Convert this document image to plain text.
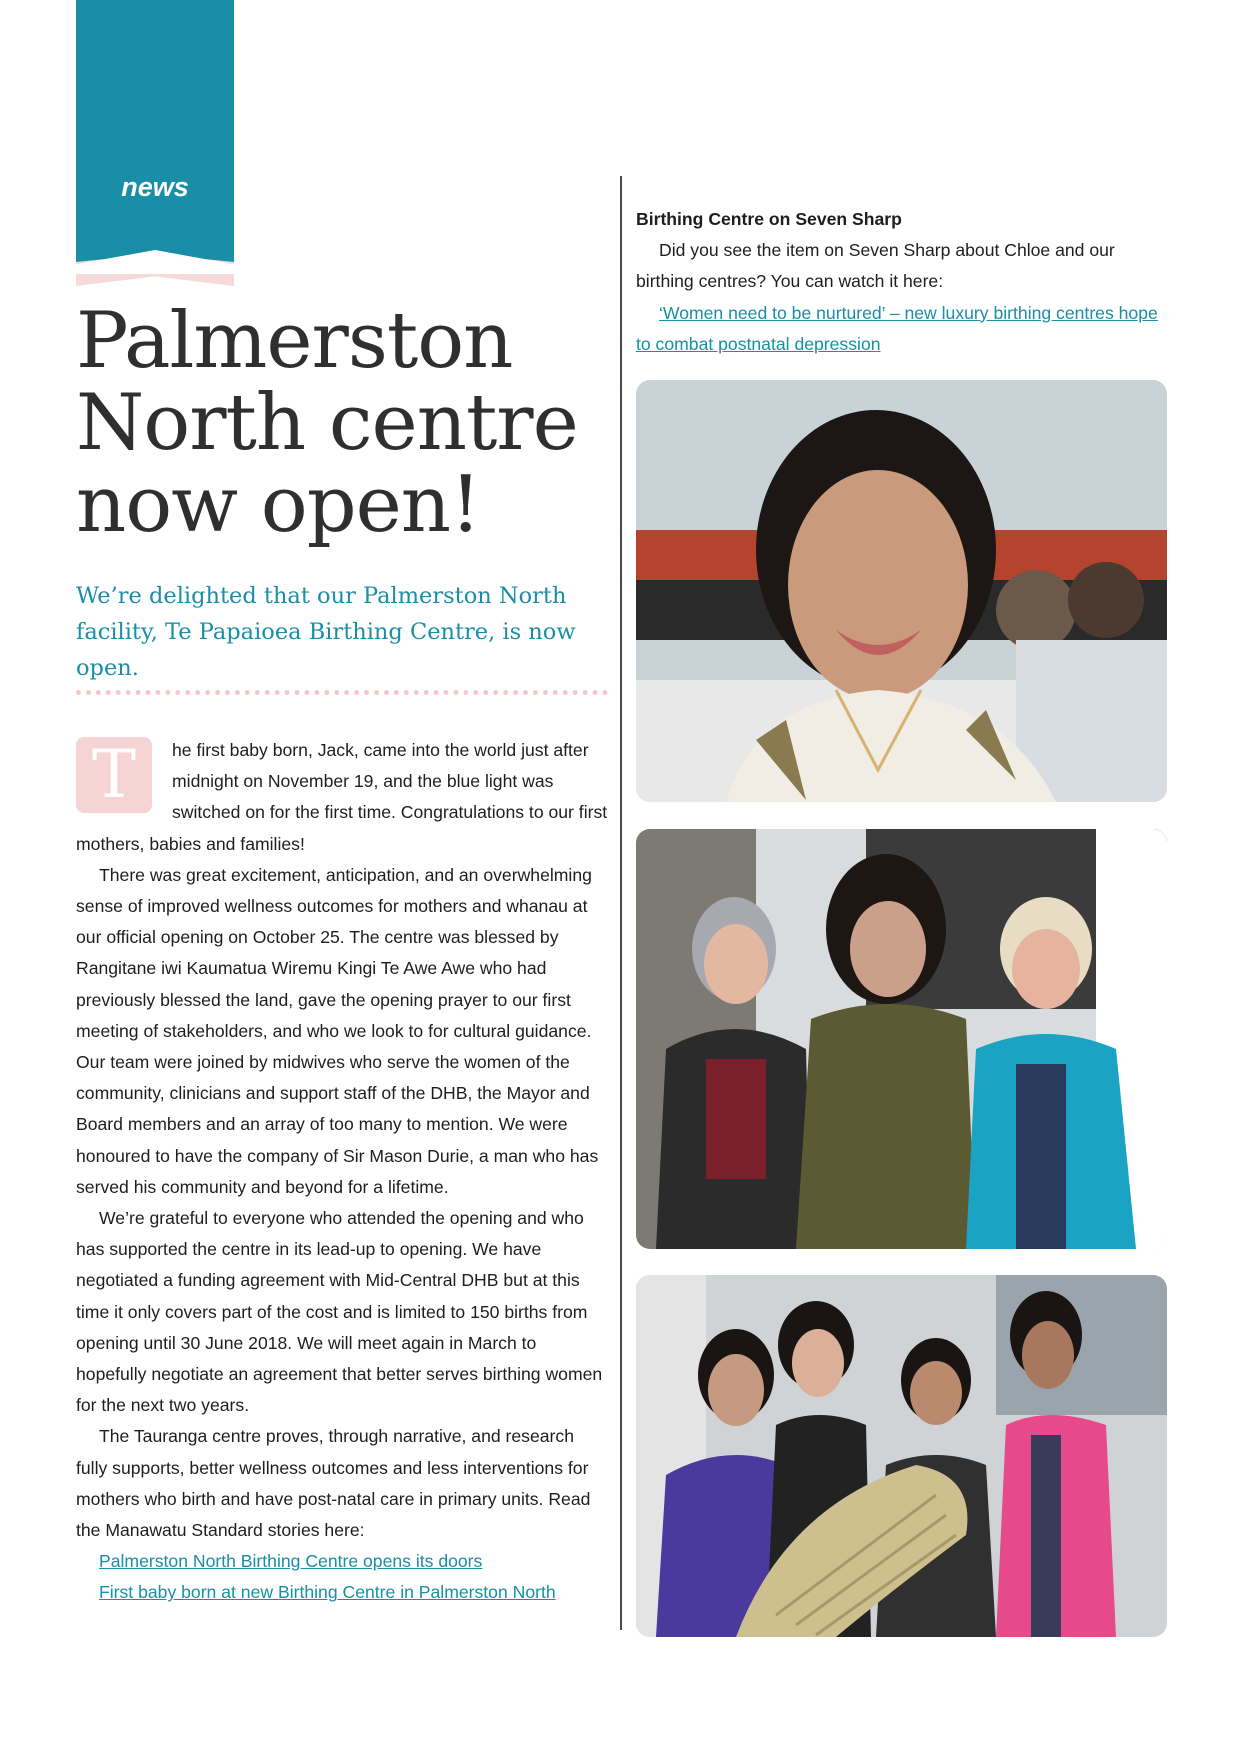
news
Palmerston
North centre
now open!

We’re delighted that our Palmerston North facility, Te Papaioea Birthing Centre, is now open.

T	he first baby born, Jack, came into the world just after midnight on November 19, and the blue light was switched on for the first time. Congratulations to our first mothers, babies and families!

There was great excitement, anticipation, and an overwhelming sense of improved wellness outcomes for mothers and whanau at our official opening on October 25. The centre was blessed by Rangitane iwi Kaumatua Wiremu Kingi Te Awe Awe who had previously blessed the land, gave the opening prayer to our first meeting of stakeholders, and who we look to for cultural guidance. Our team were joined by midwives who serve the women of the community, clinicians and support staff of the DHB, the Mayor and Board members and an array of too many to mention. We were honoured to have the company of Sir Mason Durie, a man who has served his community and beyond for a lifetime.

We’re grateful to everyone who attended the opening and who has supported the centre in its lead-up to opening. We have negotiated a funding agreement with Mid-Central DHB but at this time it only covers part of the cost and is limited to 150 births from opening until 30 June 2018. We will meet again in March to hopefully negotiate an agreement that better serves birthing women for the next two years.

The Tauranga centre proves, through narrative, and research fully supports, better wellness outcomes and less interventions for mothers who birth and have post-natal care in primary units. Read the Manawatu Standard stories here:

Palmerston North Birthing Centre opens its doors
First baby born at new Birthing Centre in Palmerston North
Birthing Centre on Seven Sharp

Did you see the item on Seven Sharp about Chloe and our birthing centres? You can watch it here:

‘Women need to be nurtured’ – new luxury birthing centres hope to combat postnatal depression
